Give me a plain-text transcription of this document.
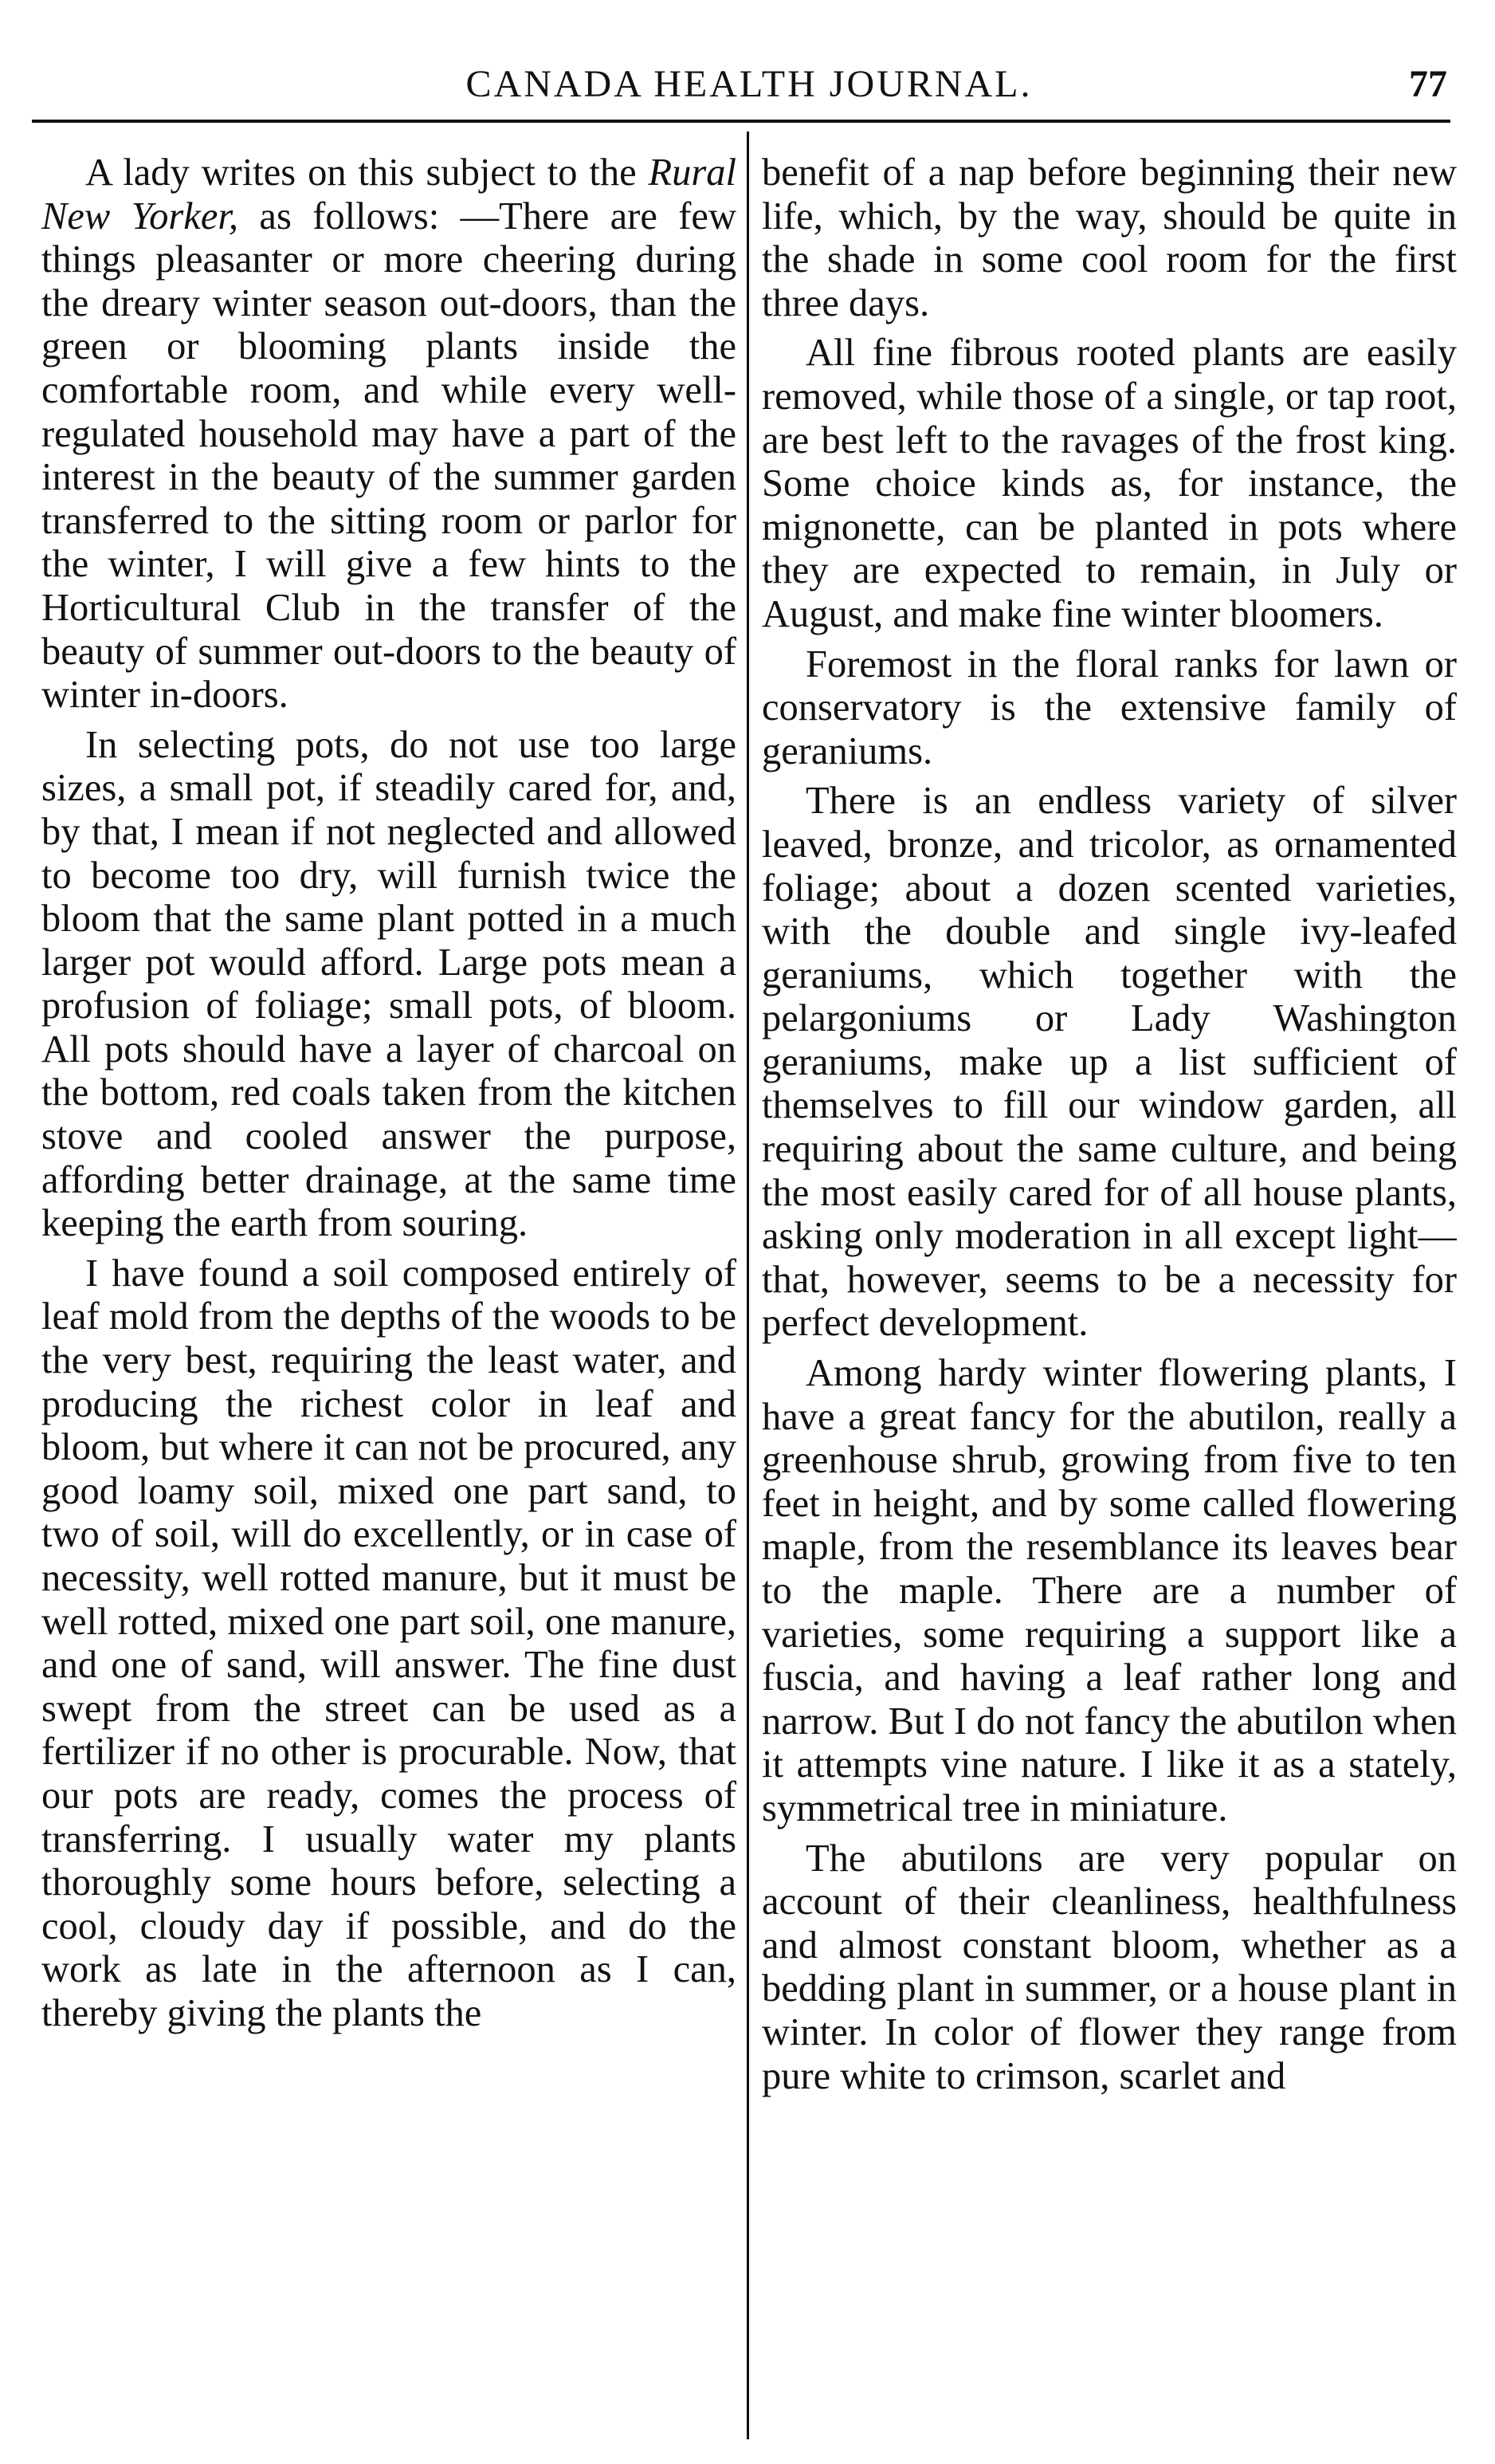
CANADA HEALTH JOURNAL.	77

A lady writes on this subject to the Rural New Yorker, as follows: —There are few things pleasanter or more cheering during the dreary winter season out-doors, than the green or blooming plants inside the comfortable room, and while every well-regulated household may have a part of the interest in the beauty of the summer garden transferred to the sitting room or parlor for the winter, I will give a few hints to the Horticultural Club in the transfer of the beauty of summer out-doors to the beauty of winter in-doors.

In selecting pots, do not use too large sizes, a small pot, if steadily cared for, and, by that, I mean if not neglected and allowed to become too dry, will furnish twice the bloom that the same plant potted in a much larger pot would afford. Large pots mean a profusion of foliage; small pots, of bloom. All pots should have a layer of charcoal on the bottom, red coals taken from the kitchen stove and cooled answer the purpose, affording better drainage, at the same time keeping the earth from souring.

I have found a soil composed entirely of leaf mold from the depths of the woods to be the very best, requiring the least water, and producing the richest color in leaf and bloom, but where it can not be procured, any good loamy soil, mixed one part sand, to two of soil, will do excellently, or in case of necessity, well rotted manure, but it must be well rotted, mixed one part soil, one manure, and one of sand, will answer. The fine dust swept from the street can be used as a fertilizer if no other is procurable. Now, that our pots are ready, comes the process of transferring. I usually water my plants thoroughly some hours before, selecting a cool, cloudy day if possible, and do the work as late in the afternoon as I can, thereby giving the plants the

benefit of a nap before beginning their new life, which, by the way, should be quite in the shade in some cool room for the first three days.

All fine fibrous rooted plants are easily removed, while those of a single, or tap root, are best left to the ravages of the frost king. Some choice kinds as, for instance, the mignonette, can be planted in pots where they are expected to remain, in July or August, and make fine winter bloomers.

Foremost in the floral ranks for lawn or conservatory is the extensive family of geraniums.

There is an endless variety of silver leaved, bronze, and tricolor, as ornamented foliage; about a dozen scented varieties, with the double and single ivy-leafed geraniums, which together with the pelargoniums or Lady Washington geraniums, make up a list sufficient of themselves to fill our window garden, all requiring about the same culture, and being the most easily cared for of all house plants, asking only moderation in all except light—that, however, seems to be a necessity for perfect development.

Among hardy winter flowering plants, I have a great fancy for the abutilon, really a greenhouse shrub, growing from five to ten feet in height, and by some called flowering maple, from the resemblance its leaves bear to the maple. There are a number of varieties, some requiring a support like a fuscia, and having a leaf rather long and narrow. But I do not fancy the abutilon when it attempts vine nature. I like it as a stately, symmetrical tree in miniature.

The abutilons are very popular on account of their cleanliness, healthfulness and almost constant bloom, whether as a bedding plant in summer, or a house plant in winter. In color of flower they range from pure white to crimson, scarlet and
